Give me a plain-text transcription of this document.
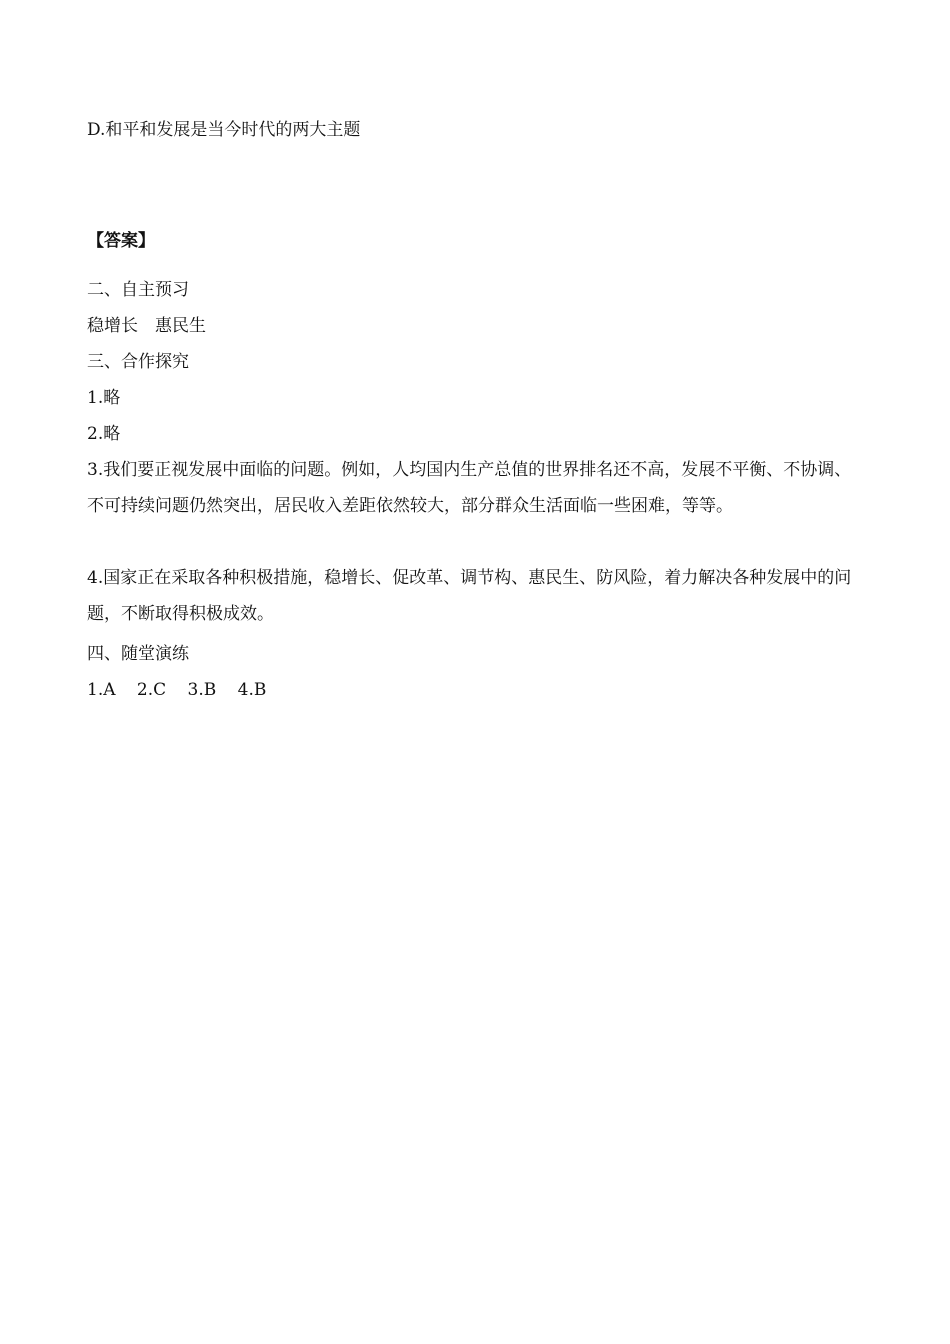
D.和平和发展是当今时代的两大主题
【答案】
二、自主预习
稳增长　惠民生
三、合作探究
1.略
2.略
3.我们要正视发展中面临的问题。例如，人均国内生产总值的世界排名还不高，发展不平衡、不协调、不可持续问题仍然突出，居民收入差距依然较大，部分群众生活面临一些困难，等等。
4.国家正在采取各种积极措施，稳增长、促改革、调节构、惠民生、防风险，着力解决各种发展中的问题，不断取得积极成效。
四、随堂演练
1.A 2.C 3.B 4.B
